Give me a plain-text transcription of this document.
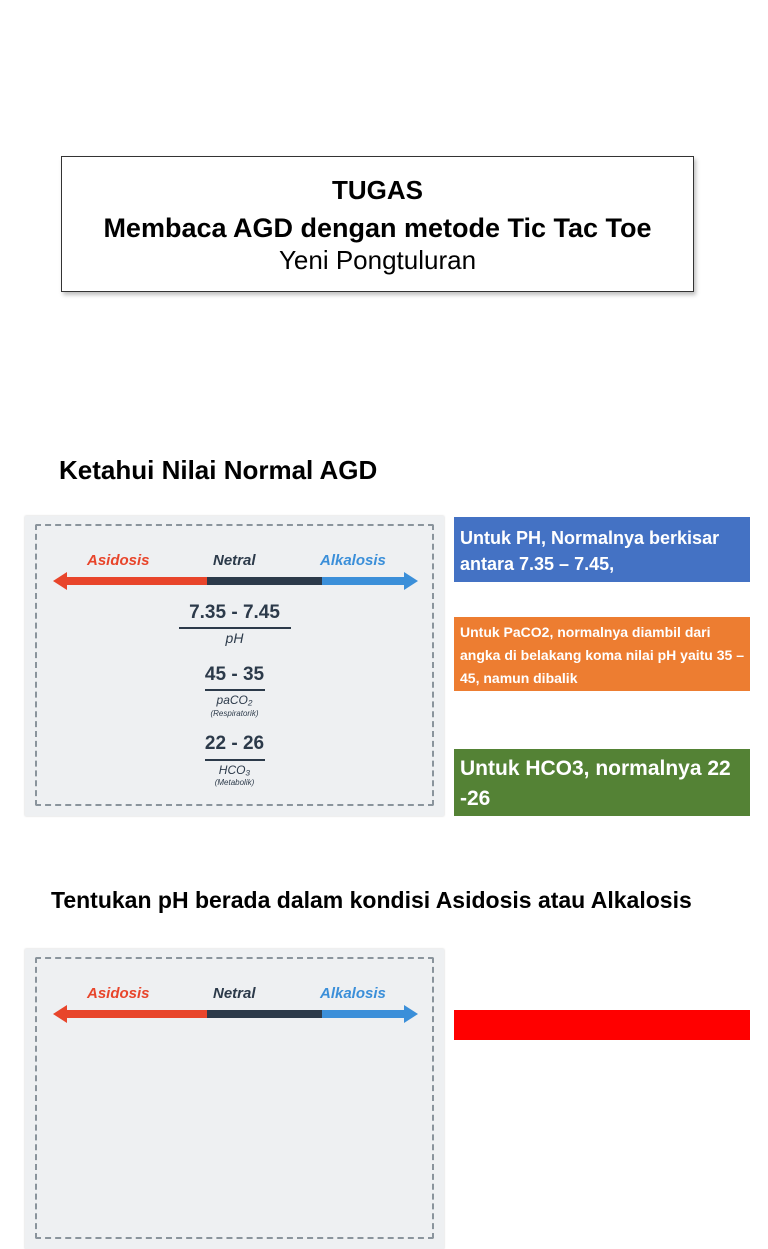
TUGAS
Membaca AGD dengan metode Tic Tac Toe
Yeni Pongtuluran
Ketahui Nilai Normal AGD
Asidosis	Netral	Alkalosis
7.35 - 7.45
pH
45 - 35
paCO₂
(Respiratorik)
22 - 26
HCO₃
(Metabolik)
Untuk PH, Normalnya berkisar antara 7.35 – 7.45,
Untuk PaCO2, normalnya diambil dari angka di belakang koma nilai pH yaitu 35 – 45, namun dibalik
Untuk HCO3, normalnya 22 -26
Tentukan pH berada dalam kondisi Asidosis atau Alkalosis
Asidosis	Netral	Alkalosis
